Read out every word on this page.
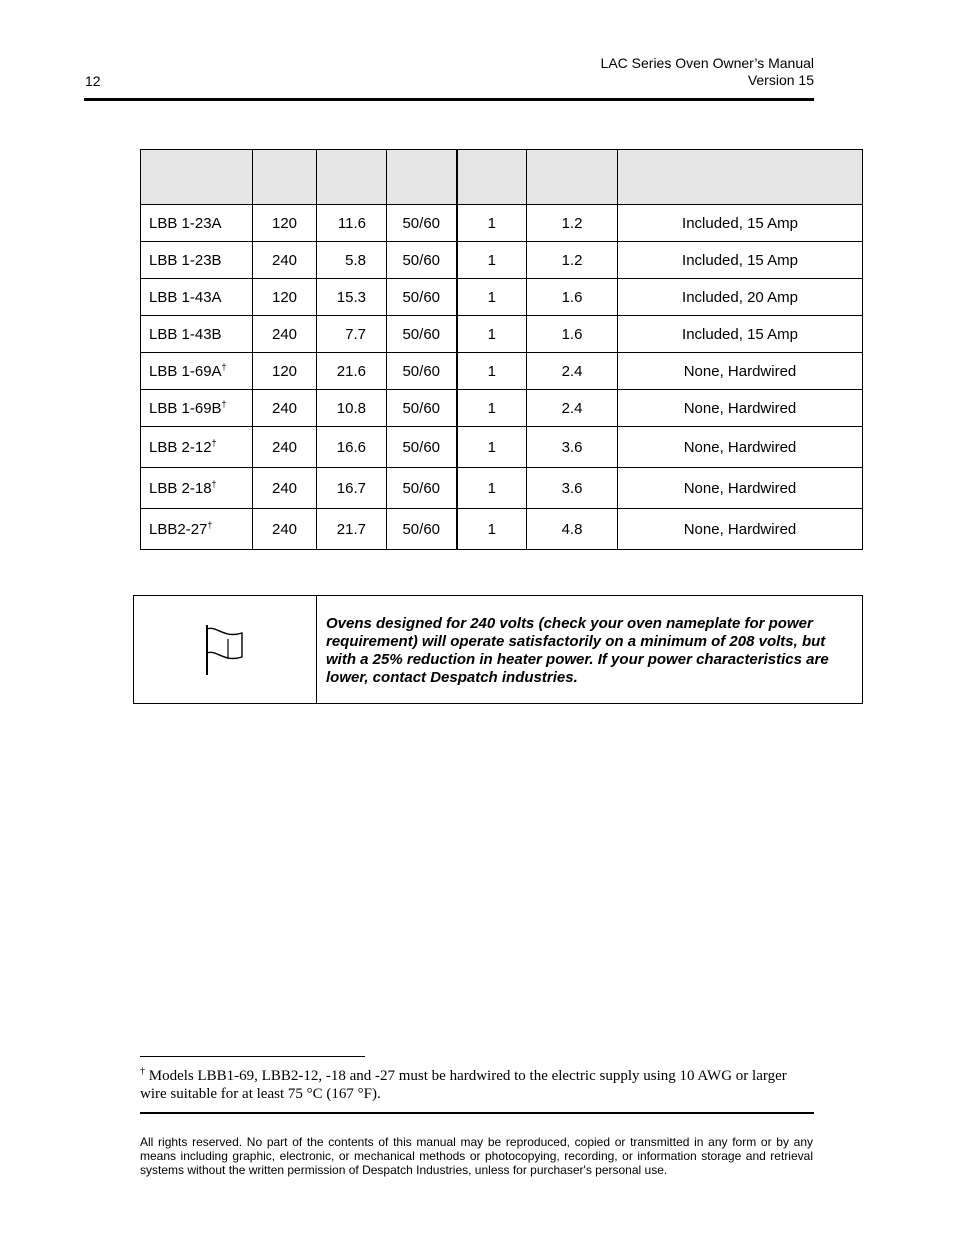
12
LAC Series Oven Owner’s Manual
Version 15

LBB 1-23A	120	11.6	50/60	1	1.2	Included, 15 Amp
LBB 1-23B	240	5.8	50/60	1	1.2	Included, 15 Amp
LBB 1-43A	120	15.3	50/60	1	1.6	Included, 20 Amp
LBB 1-43B	240	7.7	50/60	1	1.6	Included, 15 Amp
LBB 1-69A†	120	21.6	50/60	1	2.4	None, Hardwired
LBB 1-69B†	240	10.8	50/60	1	2.4	None, Hardwired
LBB 2-12†	240	16.6	50/60	1	3.6	None, Hardwired
LBB 2-18†	240	16.7	50/60	1	3.6	None, Hardwired
LBB2-27†	240	21.7	50/60	1	4.8	None, Hardwired
Ovens designed for 240 volts (check your oven nameplate for power requirement) will operate satisfactorily on a minimum of 208 volts, but with a 25% reduction in heater power. If your power characteristics are lower, contact Despatch industries.
† Models LBB1-69, LBB2-12, -18 and -27 must be hardwired to the electric supply using 10 AWG or larger wire suitable for at least 75 °C (167 °F).
All rights reserved. No part of the contents of this manual may be reproduced, copied or transmitted in any form or by any means including graphic, electronic, or mechanical methods or photocopying, recording, or information storage and retrieval systems without the written permission of Despatch Industries, unless for purchaser's personal use.
